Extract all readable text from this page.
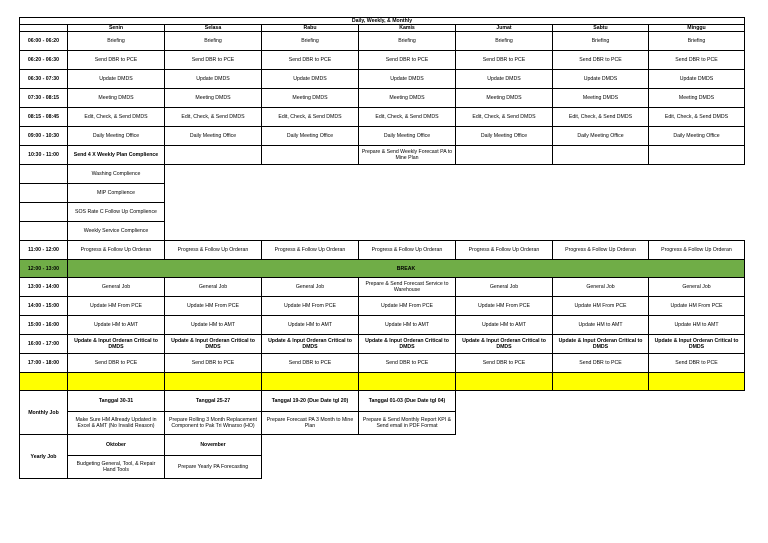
Daily, Weekly, & Monthly							
	Senin	Selasa	Rabu	Kamis	Jumat	Sabtu	Minggu
06:00 - 06:20	Briefing	Briefing	Briefing	Briefing	Briefing	Briefing	Briefing
06:20 - 06:30	Send DBR to PCE	Send DBR to PCE	Send DBR to PCE	Send DBR to PCE	Send DBR to PCE	Send DBR to PCE	Send DBR to PCE
06:30 - 07:30	Update DMDS	Update DMDS	Update DMDS	Update DMDS	Update DMDS	Update DMDS	Update DMDS
07:30 - 08:15	Meeting DMDS	Meeting DMDS	Meeting DMDS	Meeting DMDS	Meeting DMDS	Meeting DMDS	Meeting DMDS
08:15 - 08:45	Edit, Check, & Send DMDS	Edit, Check, & Send DMDS	Edit, Check, & Send DMDS	Edit, Check, & Send DMDS	Edit, Check, & Send DMDS	Edit, Check, & Send DMDS	Edit, Check, & Send DMDS
09:00 - 10:30	Daily Meeting Office	Daily Meeting Office	Daily Meeting Office	Daily Meeting Office	Daily Meeting Office	Daily Meeting Office	Daily Meeting Office
10:30 - 11:00	Send 4 X Weekly Plan Complience			Prepare & Send Weekly Forecast PA to Mine Plan			
	Washing Complience						
	MIP Complience						
	SOS Rate C Follow Up Complience						
	Weekly Service Complience						
11:00 - 12:00	Progress & Follow Up Orderan	Progress & Follow Up Orderan	Progress & Follow Up Orderan	Progress & Follow Up Orderan	Progress & Follow Up Orderan	Progress & Follow Up Orderan	Progress & Follow Up Orderan
12:00 - 13:00	BREAK						
13:00 - 14:00	General Job	General Job	General Job	Prepare & Send Forecast Service to Warehouse	General Job	General Job	General Job
14:00 - 15:00	Update HM From PCE	Update HM From PCE	Update HM From PCE	Update HM From PCE	Update HM From PCE	Update HM From PCE	Update HM From PCE
15:00 - 16:00	Update HM to AMT	Update HM to AMT	Update HM to AMT	Update HM to AMT	Update HM to AMT	Update HM to AMT	Update HM to AMT
16:00 - 17:00	Update & Input Orderan Critical to DMDS	Update & Input Orderan Critical to DMDS	Update & Input Orderan Critical to DMDS	Update & Input Orderan Critical to DMDS	Update & Input Orderan Critical to DMDS	Update & Input Orderan Critical to DMDS	Update & Input Orderan Critical to DMDS
17:00 - 18:00	Send DBR to PCE	Send DBR to PCE	Send DBR to PCE	Send DBR to PCE	Send DBR to PCE	Send DBR to PCE	Send DBR to PCE

Monthly Job	Tanggal 30-31	Tanggal 25-27	Tanggal 19-20 (Due Date tgl 20)	Tanggal 01-03 (Due Date tgl 04)			
	Make Sure HM Allready Updated in Excel & AMT (No Invalid Reason)	Prepare Rolling 3 Month Replacement Component to Pak Tri Winarso (HO)	Prepare Forecast PA 3 Month to Mine Plan	Prepare & Send Monthly Report KPI & Send email in PDF Format			
Yearly Job	Oktober	November					
	Budgeting General, Tool, & Repair Hand Tools	Prepare Yearly PA Forecasting					
